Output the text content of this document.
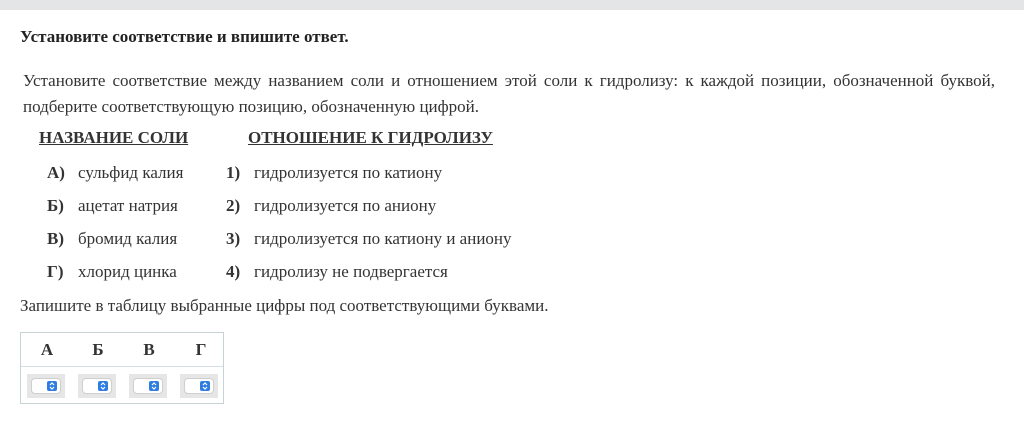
Установите соответствие и впишите ответ.
Установите соответствие между названием соли и отношением этой соли к гидролизу: к каждой позиции, обозначенной буквой, подберите соответствующую позицию, обозначенную цифрой.
НАЗВАНИЕ СОЛИ	ОТНОШЕНИЕ К ГИДРОЛИЗУ
А) сульфид калия
Б) ацетат натрия
В) бромид калия
Г) хлорид цинка
1) гидролизуется по катиону
2) гидролизуется по аниону
3) гидролизуется по катиону и аниону
4) гидролизу не подвергается
Запишите в таблицу выбранные цифры под соответствующими буквами.
А	Б	В	Г
